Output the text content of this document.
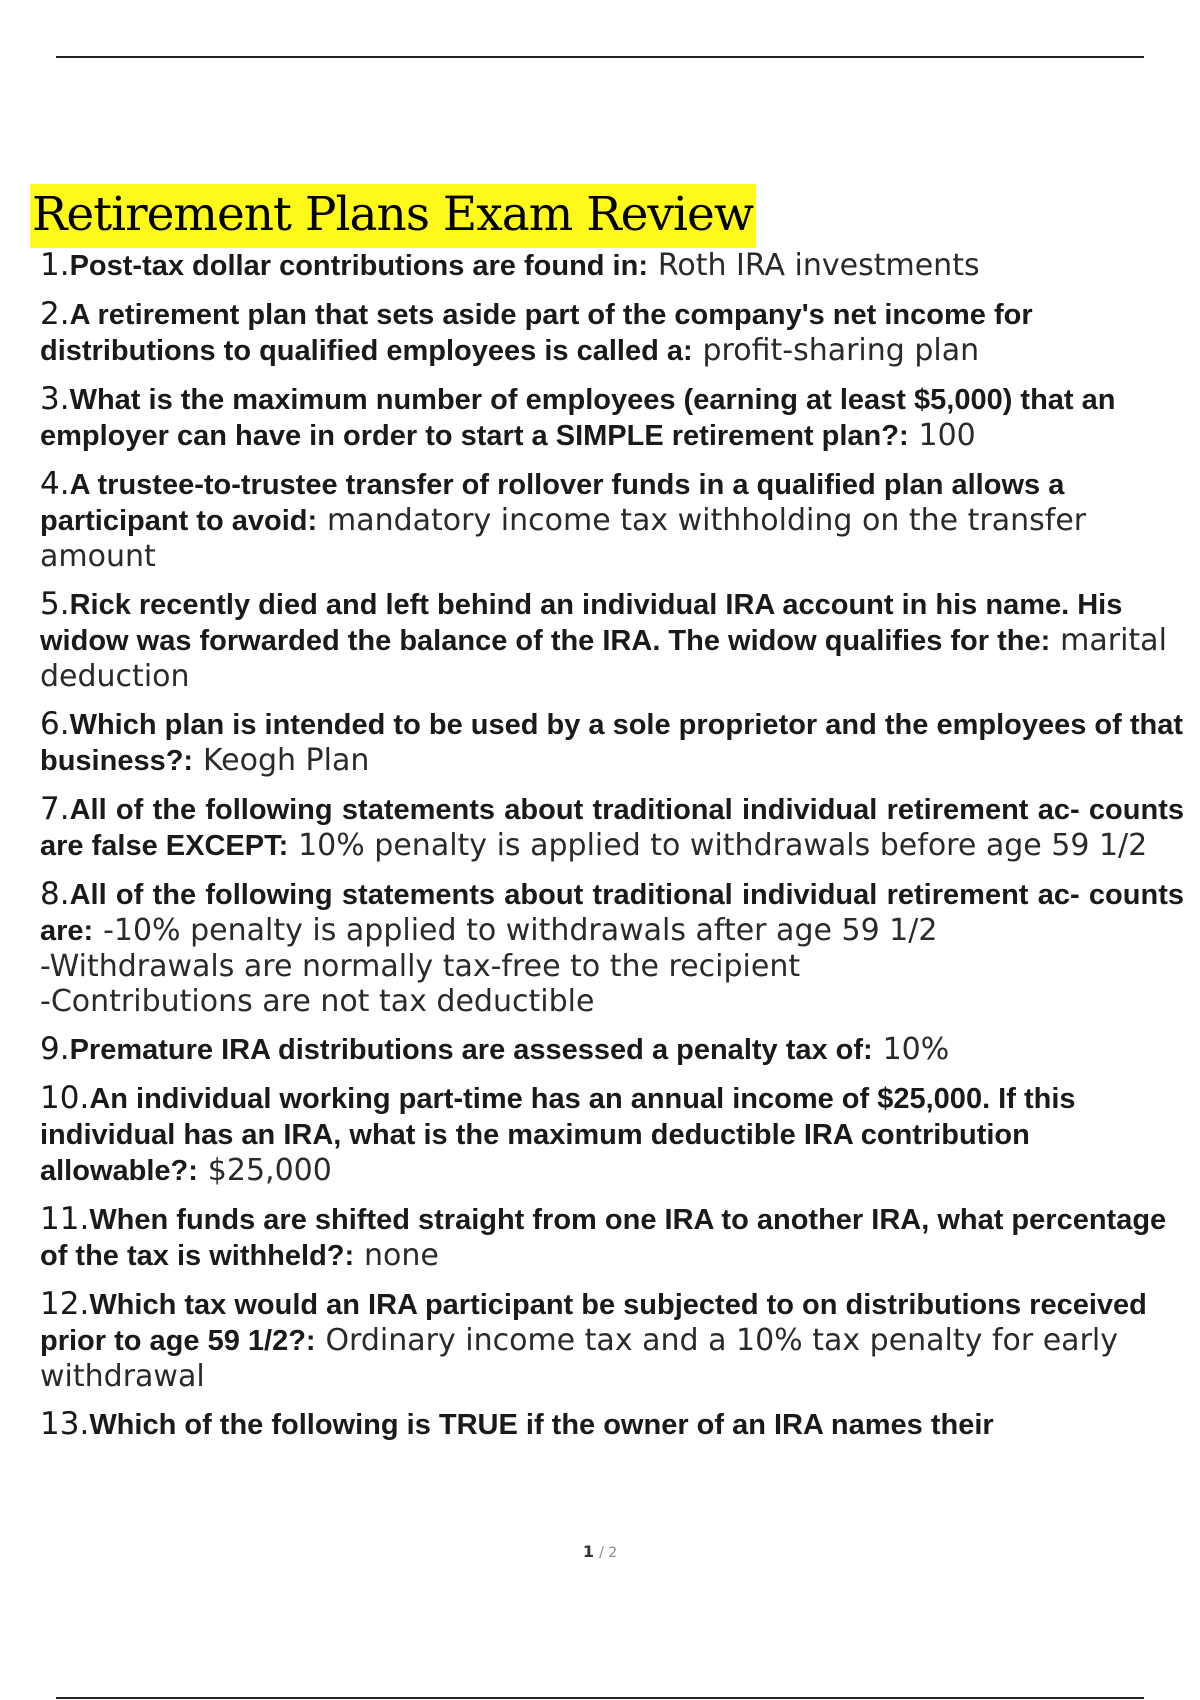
Retirement Plans Exam Review
1.Post-tax dollar contributions are found in: Roth IRA investments
2.A retirement plan that sets aside part of the company's net income for distributions to qualified employees is called a: profit-sharing plan
3.What is the maximum number of employees (earning at least $5,000) that an employer can have in order to start a SIMPLE retirement plan?: 100
4.A trustee-to-trustee transfer of rollover funds in a qualified plan allows a participant to avoid: mandatory income tax withholding on the transfer amount
5.Rick recently died and left behind an individual IRA account in his name. His widow was forwarded the balance of the IRA. The widow qualifies for the: marital deduction
6.Which plan is intended to be used by a sole proprietor and the employees of that business?: Keogh Plan
7.All of the following statements about traditional individual retirement ac- counts are false EXCEPT: 10% penalty is applied to withdrawals before age 59 1/2
8.All of the following statements about traditional individual retirement ac- counts are: -10% penalty is applied to withdrawals after age 59 1/2
-Withdrawals are normally tax-free to the recipient
-Contributions are not tax deductible
9.Premature IRA distributions are assessed a penalty tax of: 10%
10.An individual working part-time has an annual income of $25,000. If this individual has an IRA, what is the maximum deductible IRA contribution allowable?: $25,000
11.When funds are shifted straight from one IRA to another IRA, what percentage of the tax is withheld?: none
12.Which tax would an IRA participant be subjected to on distributions received prior to age 59 1/2?: Ordinary income tax and a 10% tax penalty for early withdrawal
13.Which of the following is TRUE if the owner of an IRA names their
1 / 2
